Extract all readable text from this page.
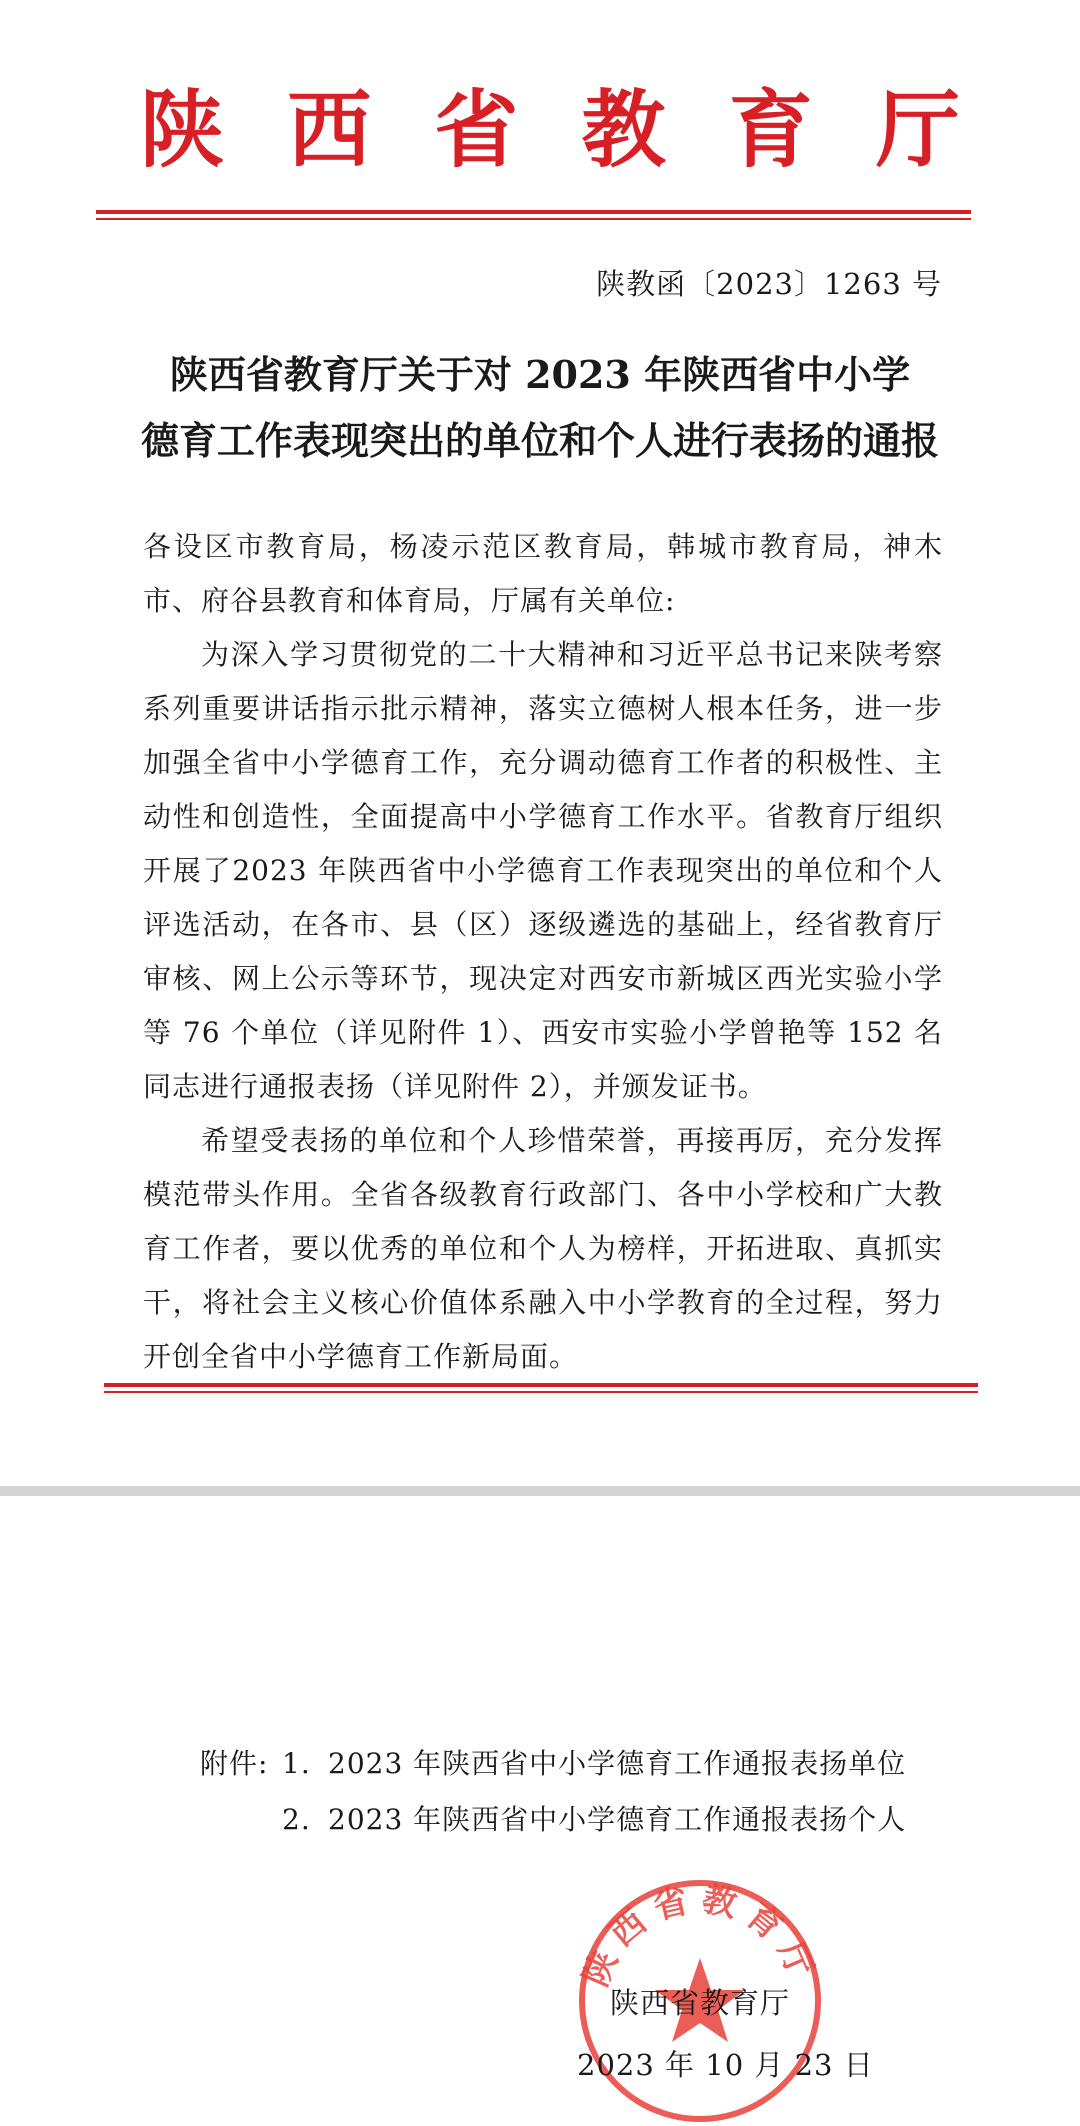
陕 西 省 教 育 厅
陕教函〔2023〕1263 号
陕西省教育厅关于对 2023 年陕西省中小学
德育工作表现突出的单位和个人进行表扬的通报

各设区市教育局，杨凌示范区教育局，韩城市教育局，神木市、府谷县教育和体育局，厅属有关单位:

为深入学习贯彻党的二十大精神和习近平总书记来陕考察系列重要讲话指示批示精神，落实立德树人根本任务，进一步加强全省中小学德育工作，充分调动德育工作者的积极性、主动性和创造性，全面提高中小学德育工作水平。省教育厅组织开展了2023 年陕西省中小学德育工作表现突出的单位和个人评选活动，在各市、县（区）逐级遴选的基础上，经省教育厅审核、网上公示等环节，现决定对西安市新城区西光实验小学等 76 个单位（详见附件 1）、西安市实验小学曾艳等 152 名同志进行通报表扬（详见附件 2），并颁发证书。

希望受表扬的单位和个人珍惜荣誉，再接再厉，充分发挥模范带头作用。全省各级教育行政部门、各中小学校和广大教育工作者，要以优秀的单位和个人为榜样，开拓进取、真抓实干，将社会主义核心价值体系融入中小学教育的全过程，努力开创全省中小学德育工作新局面。

附件: 1. 2023 年陕西省中小学德育工作通报表扬单位
2. 2023 年陕西省中小学德育工作通报表扬个人
陕西省教育厅
陕西省教育厅
2023 年 10 月 23 日
